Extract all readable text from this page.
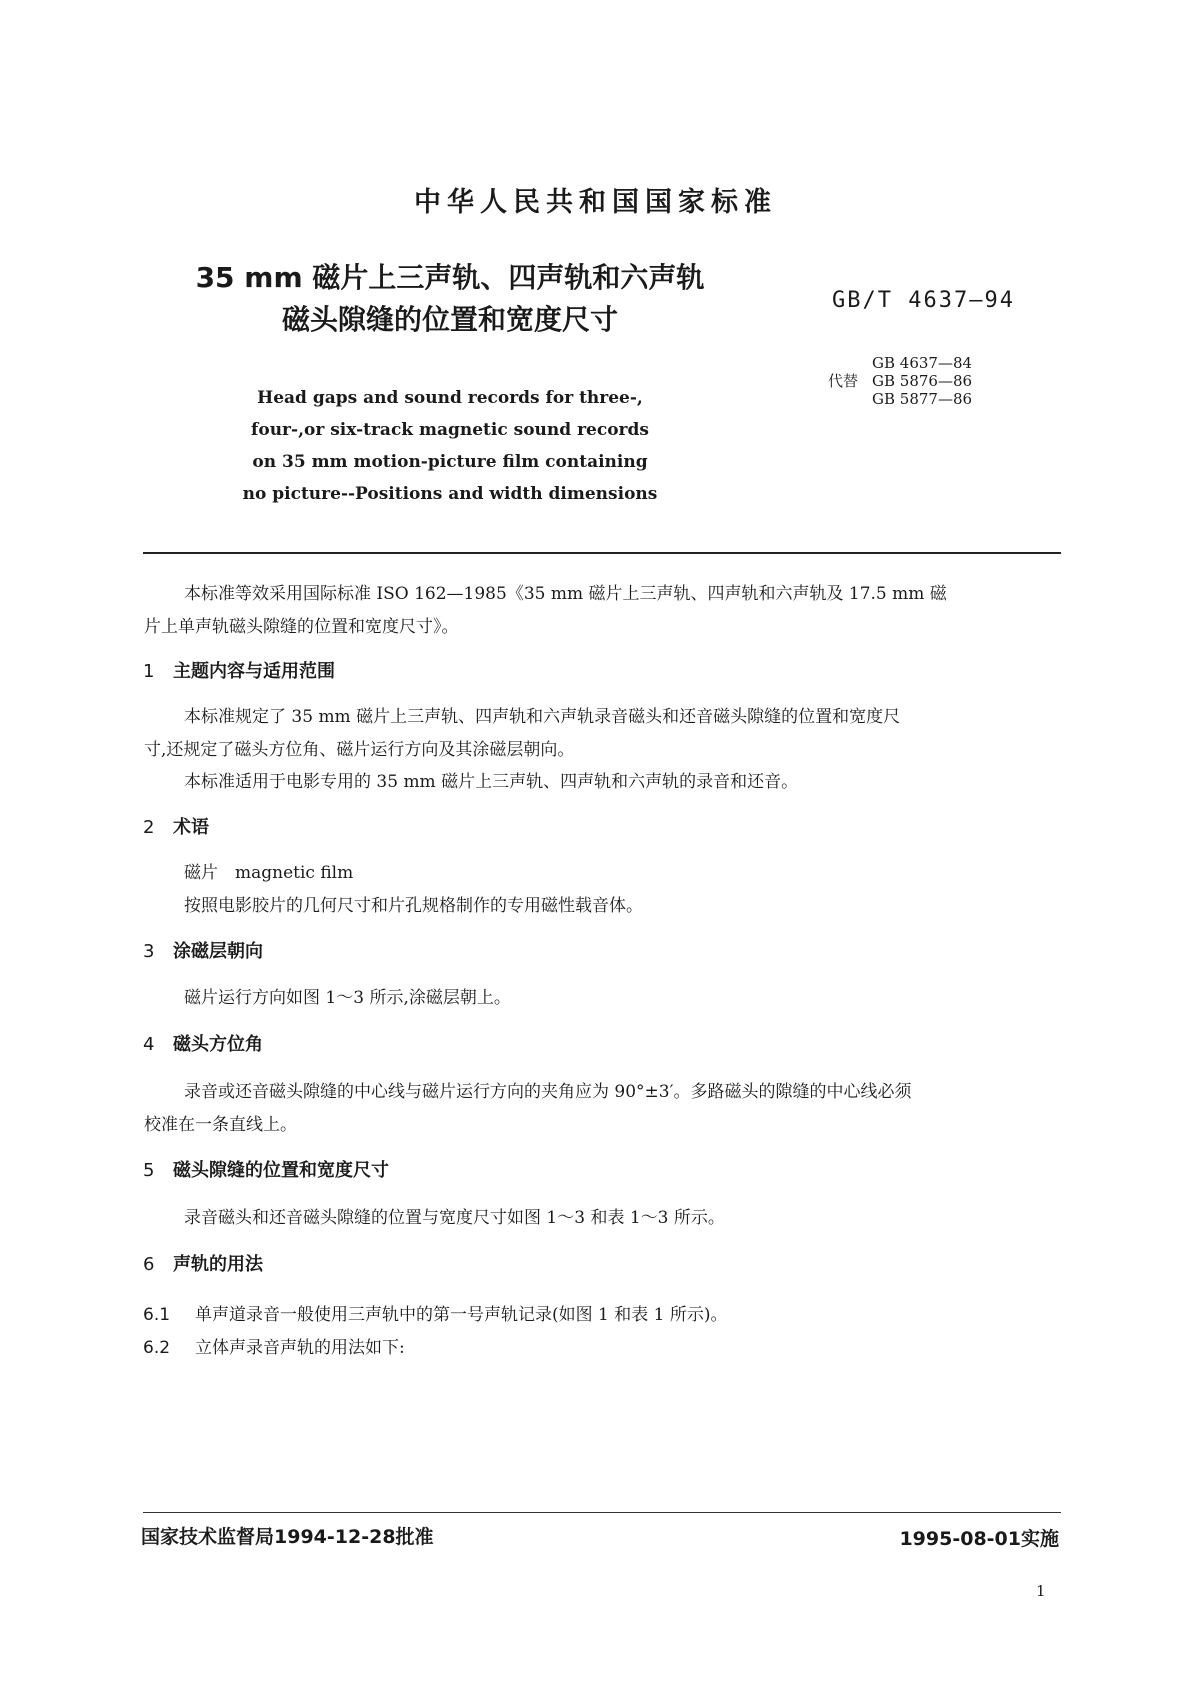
中华人民共和国国家标准
35 mm 磁片上三声轨、四声轨和六声轨
磁头隙缝的位置和宽度尺寸
GB/T 4637—94
代替
GB 4637—84
GB 5876—86
GB 5877—86
Head gaps and sound records for three-,
four-,or six-track magnetic sound records
on 35 mm motion-picture film containing
no picture--Positions and width dimensions
本标准等效采用国际标准 ISO 162—1985《35 mm 磁片上三声轨、四声轨和六声轨及 17.5 mm 磁
片上单声轨磁头隙缝的位置和宽度尺寸》。
1 主题内容与适用范围
本标准规定了 35 mm 磁片上三声轨、四声轨和六声轨录音磁头和还音磁头隙缝的位置和宽度尺
寸,还规定了磁头方位角、磁片运行方向及其涂磁层朝向。
本标准适用于电影专用的 35 mm 磁片上三声轨、四声轨和六声轨的录音和还音。
2 术语
磁片　magnetic film
按照电影胶片的几何尺寸和片孔规格制作的专用磁性载音体。
3 涂磁层朝向
磁片运行方向如图 1～3 所示,涂磁层朝上。
4 磁头方位角
录音或还音磁头隙缝的中心线与磁片运行方向的夹角应为 90°±3′。多路磁头的隙缝的中心线必须
校准在一条直线上。
5 磁头隙缝的位置和宽度尺寸
录音磁头和还音磁头隙缝的位置与宽度尺寸如图 1～3 和表 1～3 所示。
6 声轨的用法
6.1 单声道录音一般使用三声轨中的第一号声轨记录(如图 1 和表 1 所示)。
6.2 立体声录音声轨的用法如下:
国家技术监督局1994-12-28批准	1995-08-01实施
1
